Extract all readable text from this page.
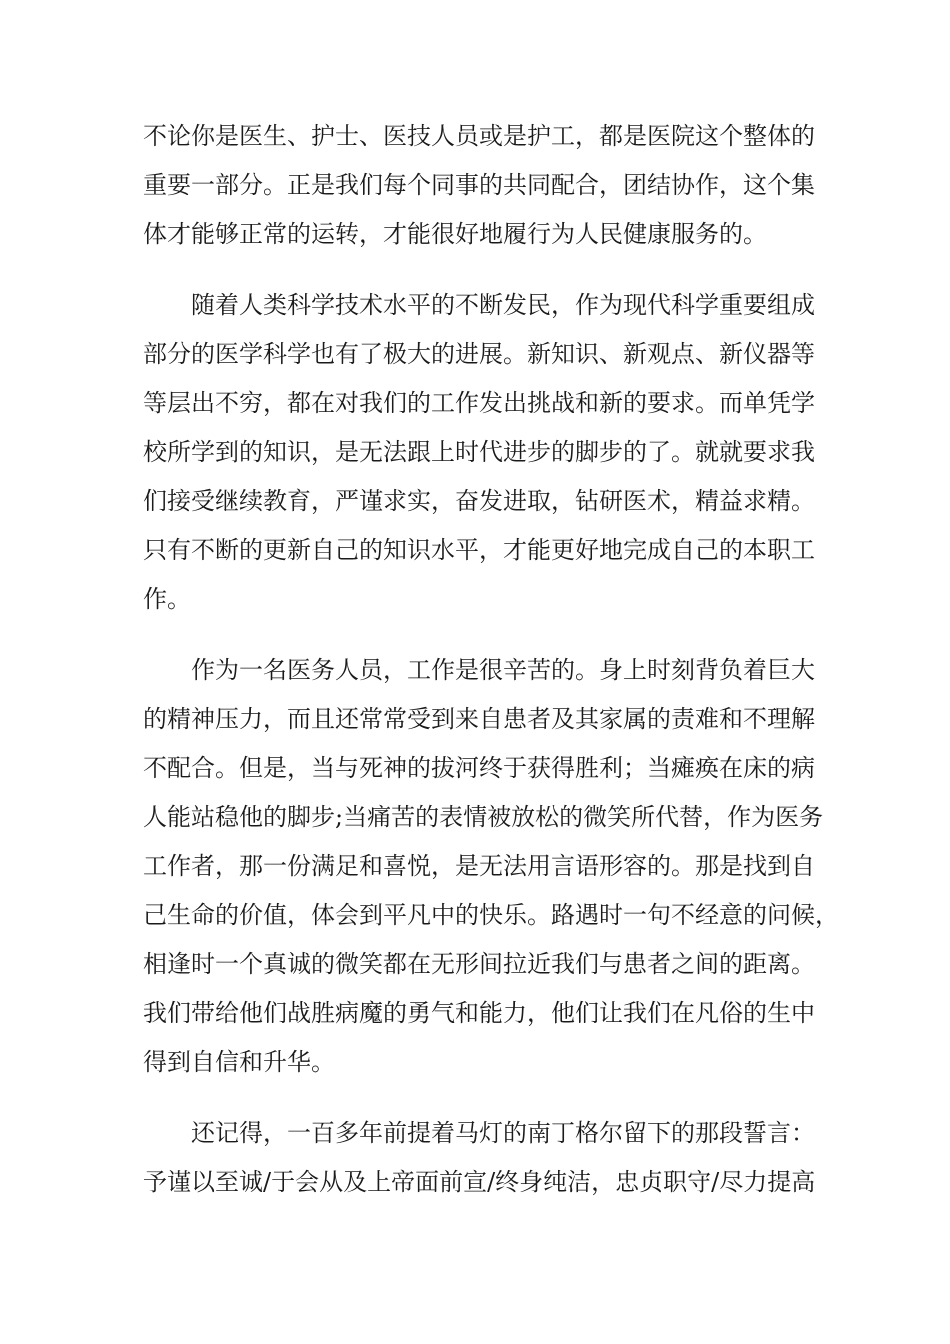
不论你是医生、护士、医技人员或是护工，都是医院这个整体的
重要一部分。正是我们每个同事的共同配合，团结协作，这个集
体才能够正常的运转，才能很好地履行为人民健康服务的。

随着人类科学技术水平的不断发民，作为现代科学重要组成
部分的医学科学也有了极大的进展。新知识、新观点、新仪器等
等层出不穷，都在对我们的工作发出挑战和新的要求。而单凭学
校所学到的知识，是无法跟上时代进步的脚步的了。就就要求我
们接受继续教育，严谨求实，奋发进取，钻研医术，精益求精。
只有不断的更新自己的知识水平，才能更好地完成自己的本职工
作。

作为一名医务人员，工作是很辛苦的。身上时刻背负着巨大
的精神压力，而且还常常受到来自患者及其家属的责难和不理解
不配合。但是，当与死神的拔河终于获得胜利；当瘫痪在床的病
人能站稳他的脚步;当痛苦的表情被放松的微笑所代替，作为医务
工作者，那一份满足和喜悦，是无法用言语形容的。那是找到自
己生命的价值，体会到平凡中的快乐。路遇时一句不经意的问候，
相逢时一个真诚的微笑都在无形间拉近我们与患者之间的距离。
我们带给他们战胜病魔的勇气和能力，他们让我们在凡俗的生中
得到自信和升华。

还记得，一百多年前提着马灯的南丁格尔留下的那段誓言：
予谨以至诚/于会从及上帝面前宣/终身纯洁，忠贞职守/尽力提高
